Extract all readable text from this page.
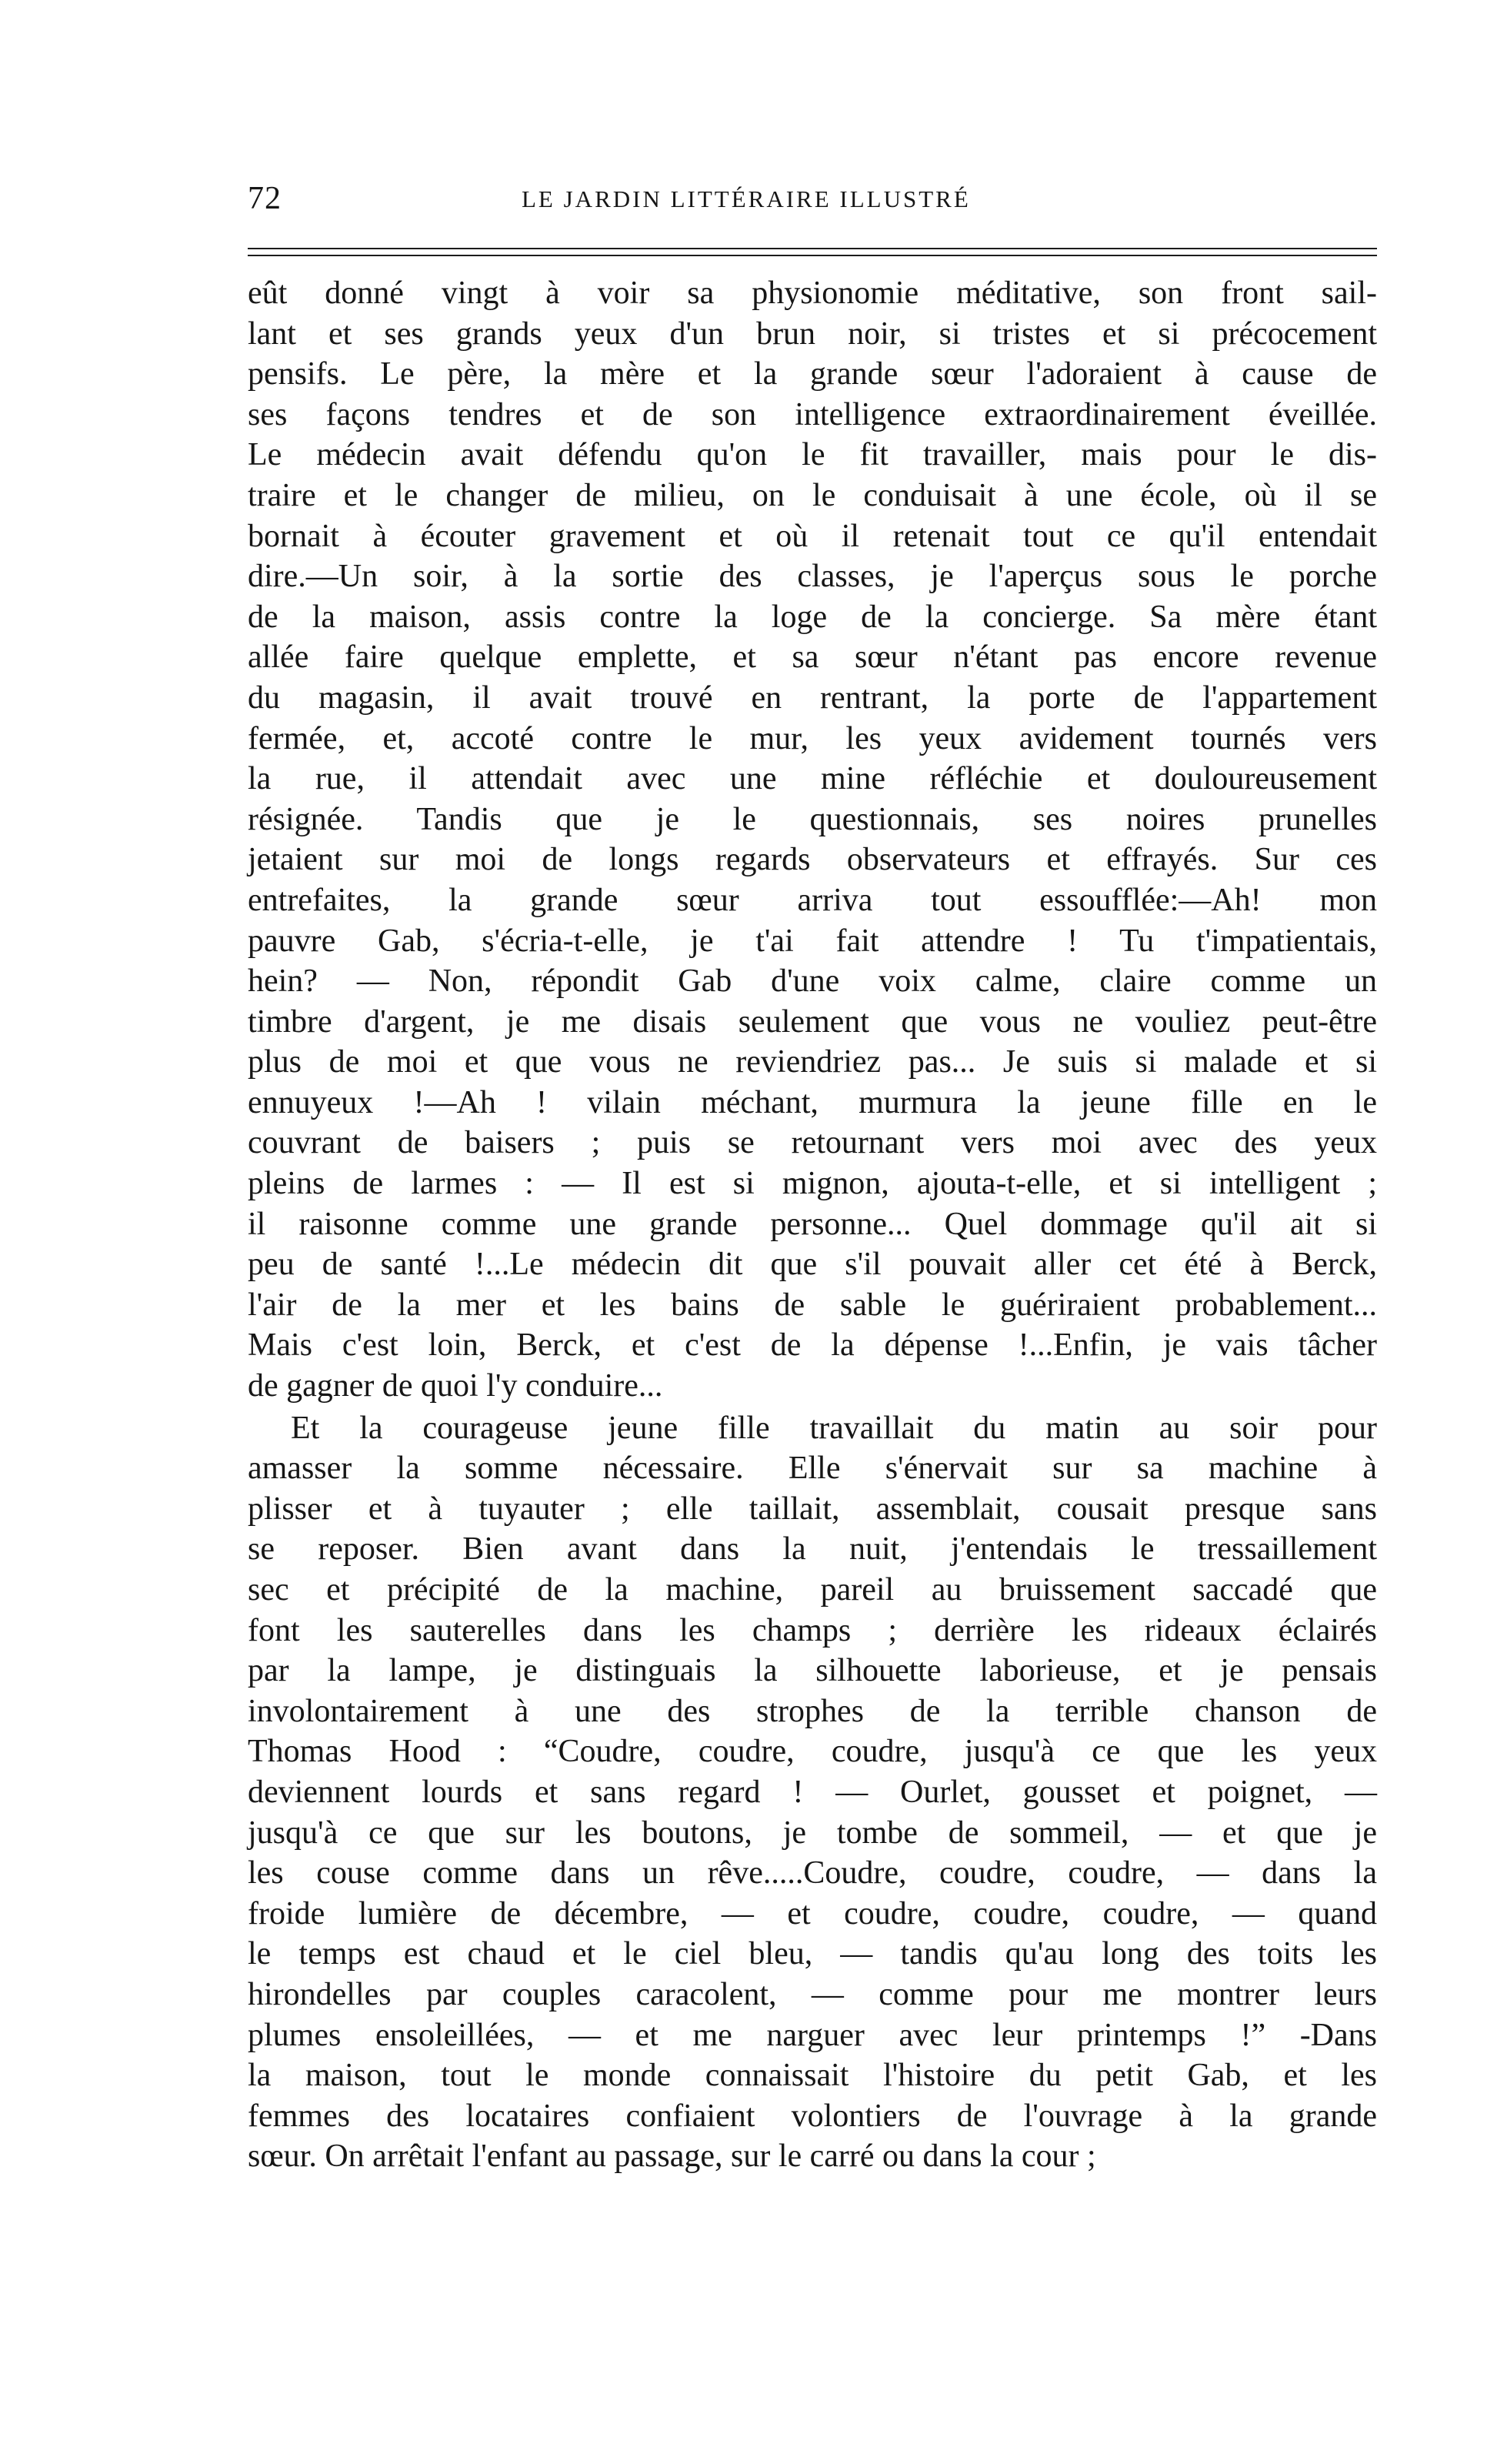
72	LE JARDIN LITTÉRAIRE ILLUSTRÉ
eût donné vingt à voir sa physionomie méditative, son front sail-
lant et ses grands yeux d'un brun noir, si tristes et si précocement
pensifs. Le père, la mère et la grande sœur l'adoraient à cause de
ses façons tendres et de son intelligence extraordinairement éveillée.
Le médecin avait défendu qu'on le fit travailler, mais pour le dis-
traire et le changer de milieu, on le conduisait à une école, où il se
bornait à écouter gravement et où il retenait tout ce qu'il entendait
dire.—Un soir, à la sortie des classes, je l'aperçus sous le porche
de la maison, assis contre la loge de la concierge. Sa mère étant
allée faire quelque emplette, et sa sœur n'étant pas encore revenue
du magasin, il avait trouvé en rentrant, la porte de l'appartement
fermée, et, accoté contre le mur, les yeux avidement tournés vers
la rue, il attendait avec une mine réfléchie et douloureusement
résignée. Tandis que je le questionnais, ses noires prunelles
jetaient sur moi de longs regards observateurs et effrayés. Sur ces
entrefaites, la grande sœur arriva tout essoufflée:—Ah! mon
pauvre Gab, s'écria-t-elle, je t'ai fait attendre ! Tu t'impatientais,
hein? — Non, répondit Gab d'une voix calme, claire comme un
timbre d'argent, je me disais seulement que vous ne vouliez peut-être
plus de moi et que vous ne reviendriez pas... Je suis si malade et si
ennuyeux !—Ah ! vilain méchant, murmura la jeune fille en le
couvrant de baisers ; puis se retournant vers moi avec des yeux
pleins de larmes : — Il est si mignon, ajouta-t-elle, et si intelligent ;
il raisonne comme une grande personne... Quel dommage qu'il ait si
peu de santé !...Le médecin dit que s'il pouvait aller cet été à Berck,
l'air de la mer et les bains de sable le guériraient probablement...
Mais c'est loin, Berck, et c'est de la dépense !...Enfin, je vais tâcher
de gagner de quoi l'y conduire...
Et la courageuse jeune fille travaillait du matin au soir pour
amasser la somme nécessaire. Elle s'énervait sur sa machine à
plisser et à tuyauter ; elle taillait, assemblait, cousait presque sans
se reposer. Bien avant dans la nuit, j'entendais le tressaillement
sec et précipité de la machine, pareil au bruissement saccadé que
font les sauterelles dans les champs ; derrière les rideaux éclairés
par la lampe, je distinguais la silhouette laborieuse, et je pensais
involontairement à une des strophes de la terrible chanson de
Thomas Hood : “Coudre, coudre, coudre, jusqu'à ce que les yeux
deviennent lourds et sans regard ! — Ourlet, gousset et poignet, —
jusqu'à ce que sur les boutons, je tombe de sommeil, — et que je
les couse comme dans un rêve.....Coudre, coudre, coudre, — dans la
froide lumière de décembre, — et coudre, coudre, coudre, — quand
le temps est chaud et le ciel bleu, — tandis qu'au long des toits les
hirondelles par couples caracolent, — comme pour me montrer leurs
plumes ensoleillées, — et me narguer avec leur printemps !” -Dans
la maison, tout le monde connaissait l'histoire du petit Gab, et les
femmes des locataires confiaient volontiers de l'ouvrage à la grande
sœur. On arrêtait l'enfant au passage, sur le carré ou dans la cour ;
